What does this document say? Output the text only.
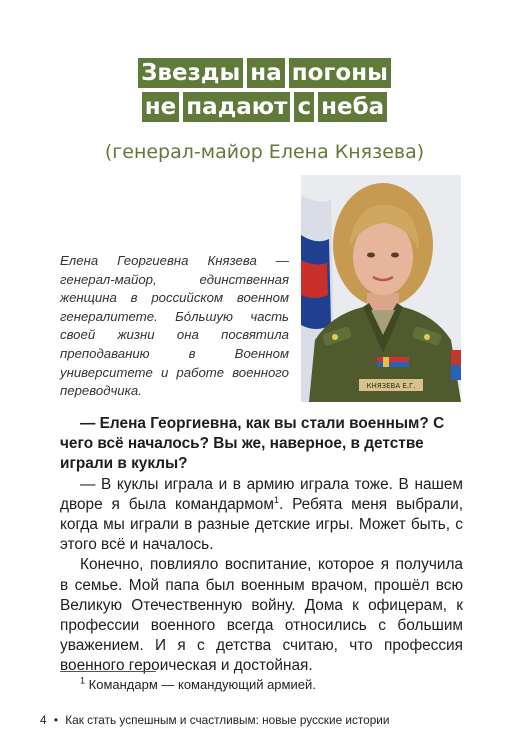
Звезды на погоны
не падают с неба
(генерал-майор Елена Князева)
КНЯЗЕВА Е.Г.

Елена Георгиевна Князева — генерал-майор, единственная женщина в российском военном генералитете. Бóльшую часть своей жизни она посвятила преподаванию в Военном университете и работе военного переводчика.

— Елена Георгиевна, как вы стали военным? С чего всё началось? Вы же, наверное, в детстве играли в куклы?

— В куклы играла и в армию играла тоже. В нашем дворе я была командармом$^1$. Ребята меня выбрали, когда мы играли в разные детские игры. Может быть, с этого всё и началось.

Конечно, повлияло воспитание, которое я получила в семье. Мой папа был военным врачом, прошёл всю Великую Отечественную войну. Дома к офицерам, к профессии военного всегда относились с большим уважением. И я с детства считаю, что профессия военного героическая и достойная.

$^1$ Командарм — командующий армией.
4 • Как стать успешным и счастливым: новые русские истории
